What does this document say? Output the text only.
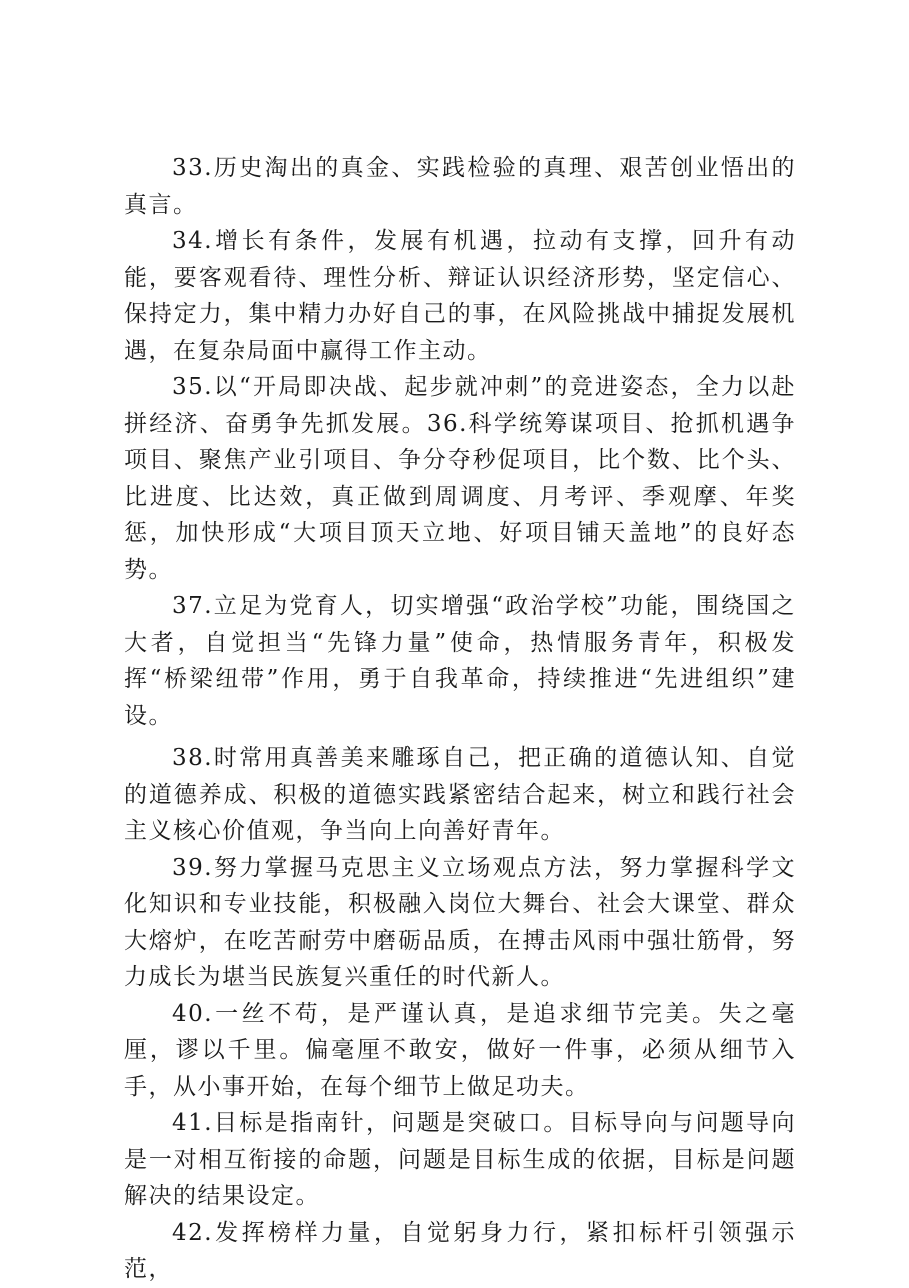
33.历史淘出的真金、实践检验的真理、艰苦创业悟出的真言。

34.增长有条件，发展有机遇，拉动有支撑，回升有动能，要客观看待、理性分析、辩证认识经济形势，坚定信心、保持定力，集中精力办好自己的事，在风险挑战中捕捉发展机遇，在复杂局面中赢得工作主动。

35.以“开局即决战、起步就冲刺”的竞进姿态，全力以赴拼经济、奋勇争先抓发展。36.科学统筹谋项目、抢抓机遇争项目、聚焦产业引项目、争分夺秒促项目，比个数、比个头、比进度、比达效，真正做到周调度、月考评、季观摩、年奖惩，加快形成“大项目顶天立地、好项目铺天盖地”的良好态势。

37.立足为党育人，切实增强“政治学校”功能，围绕国之大者，自觉担当“先锋力量”使命，热情服务青年，积极发挥“桥梁纽带”作用，勇于自我革命，持续推进“先进组织”建设。

38.时常用真善美来雕琢自己，把正确的道德认知、自觉的道德养成、积极的道德实践紧密结合起来，树立和践行社会主义核心价值观，争当向上向善好青年。

39.努力掌握马克思主义立场观点方法，努力掌握科学文化知识和专业技能，积极融入岗位大舞台、社会大课堂、群众大熔炉，在吃苦耐劳中磨砺品质，在搏击风雨中强壮筋骨，努力成长为堪当民族复兴重任的时代新人。

40.一丝不苟，是严谨认真，是追求细节完美。失之毫厘，谬以千里。偏毫厘不敢安，做好一件事，必须从细节入手，从小事开始，在每个细节上做足功夫。

41.目标是指南针，问题是突破口。目标导向与问题导向是一对相互衔接的命题，问题是目标生成的依据，目标是问题解决的结果设定。

42.发挥榜样力量，自觉躬身力行，紧扣标杆引领强示范，
